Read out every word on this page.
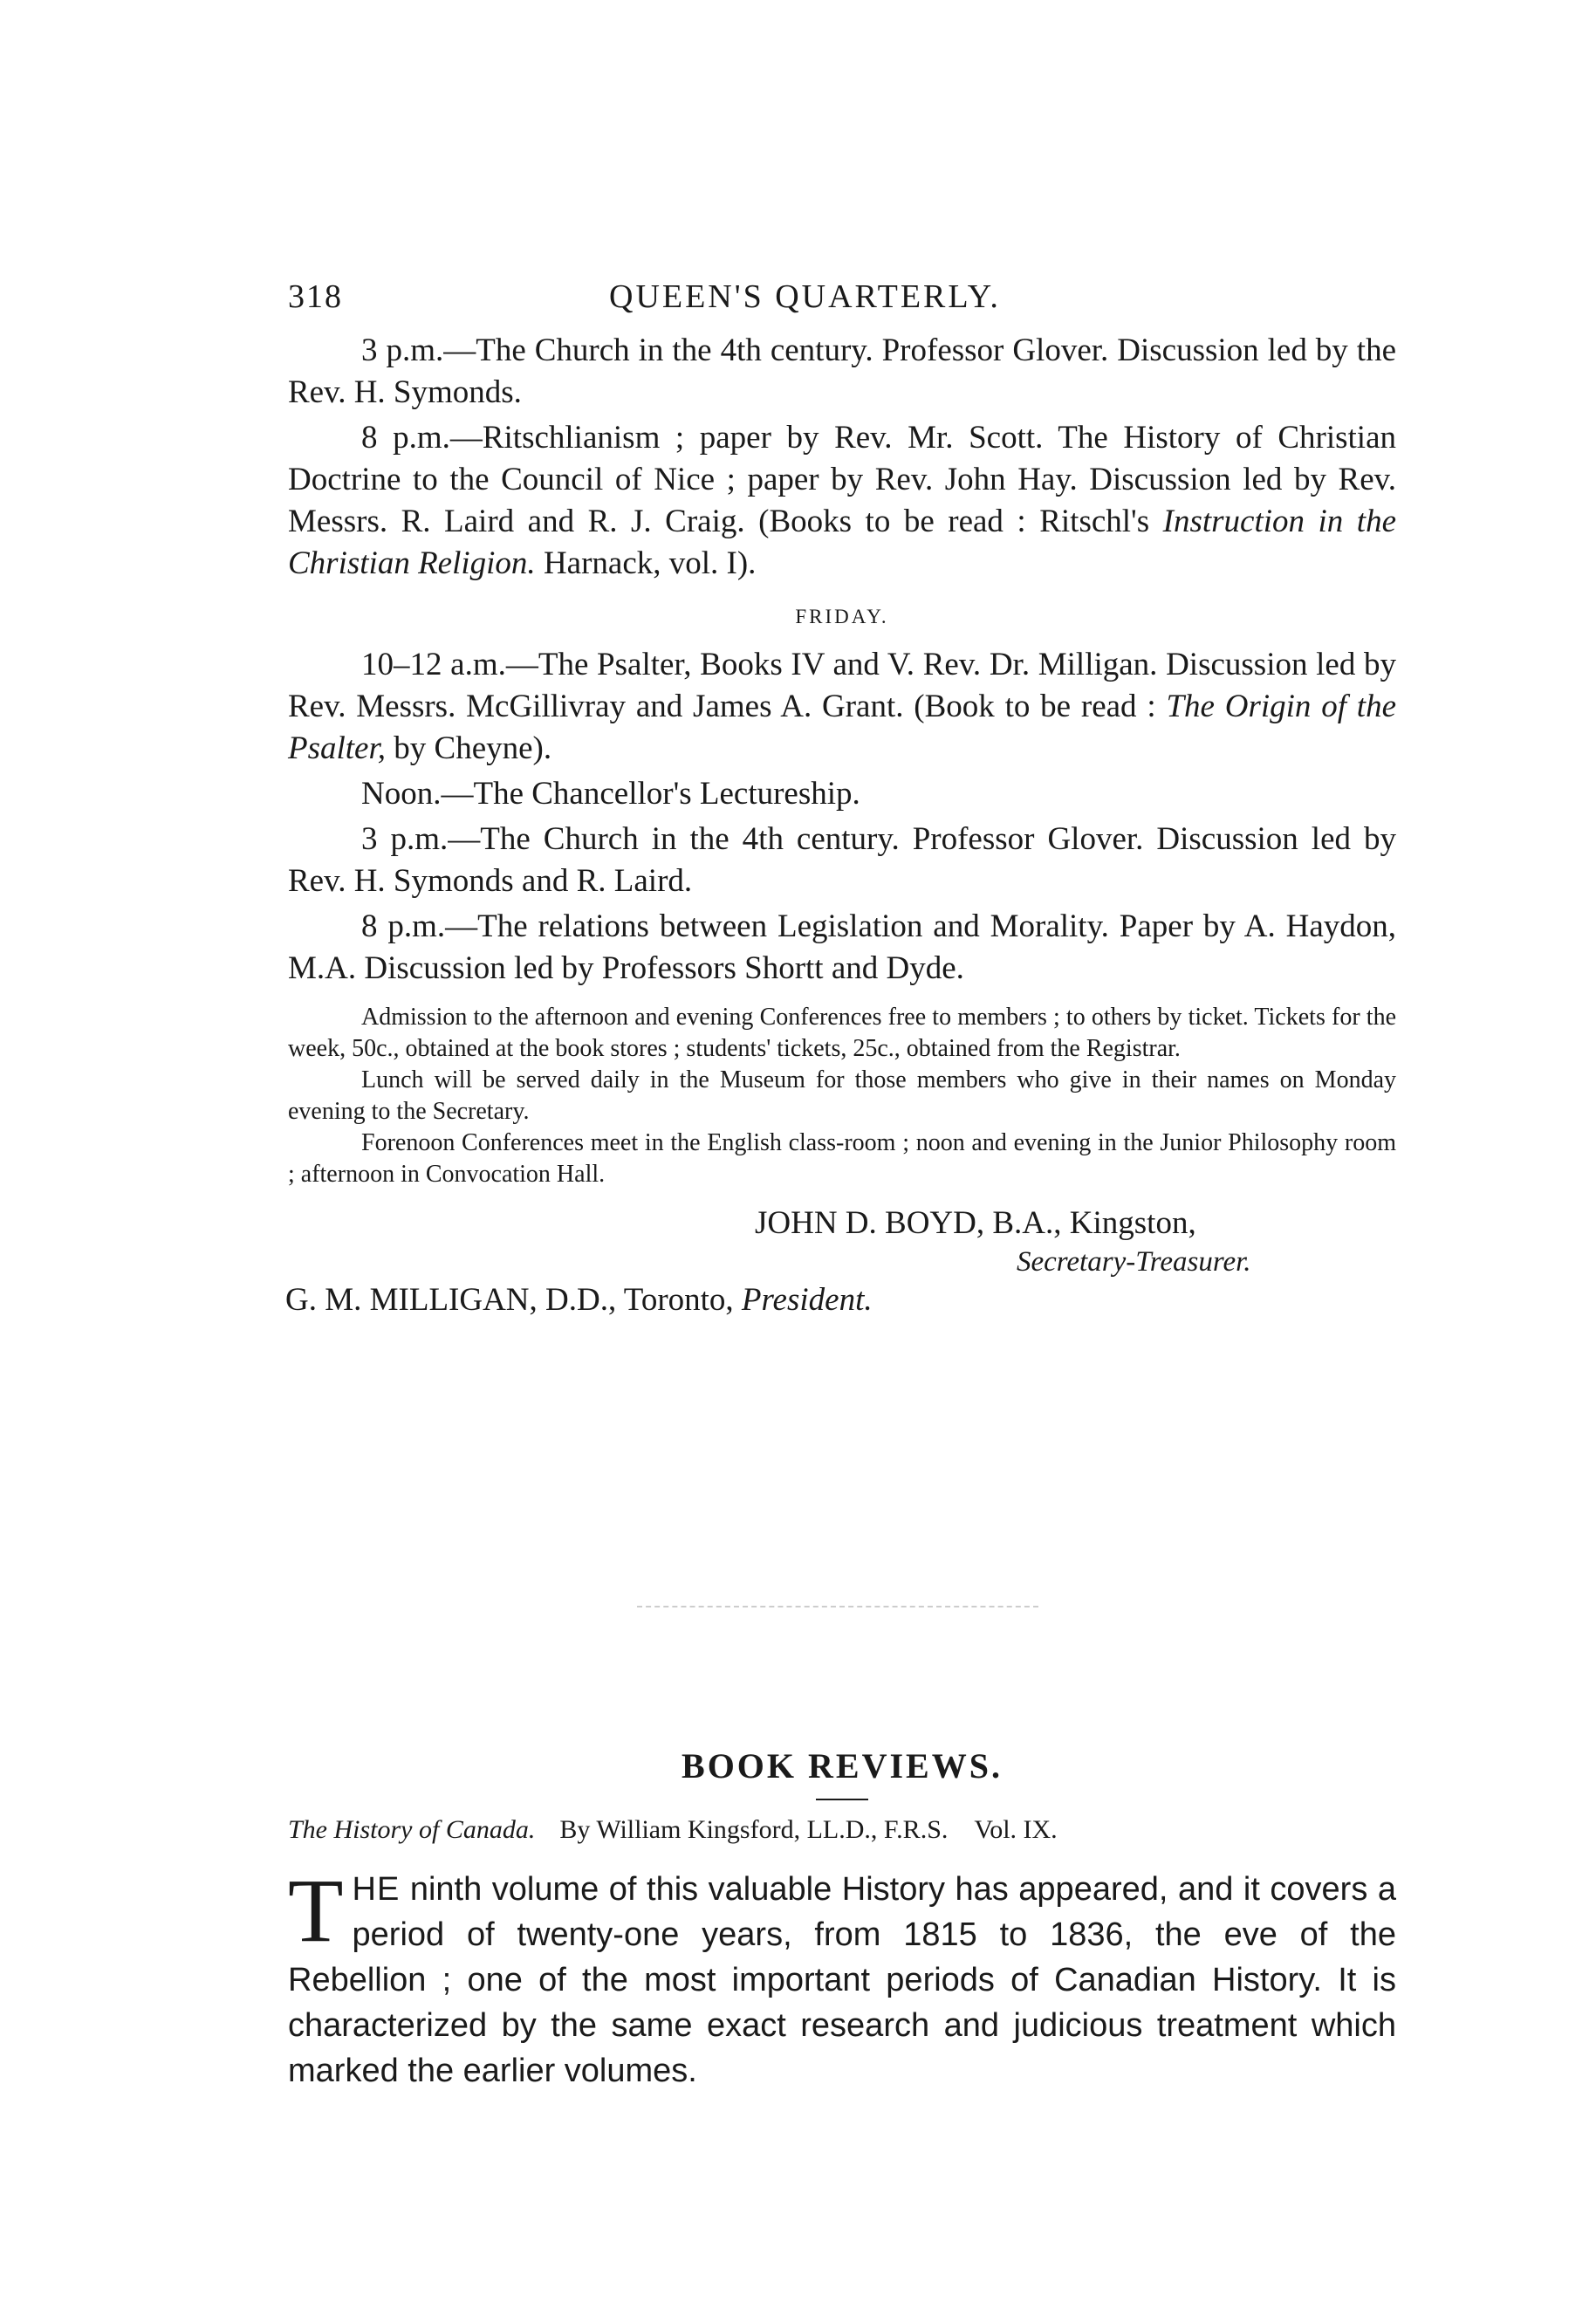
318	QUEEN'S QUARTERLY.

3 p.m.—The Church in the 4th century. Professor Glover. Discussion led by the Rev. H. Symonds.

8 p.m.—Ritschlianism ; paper by Rev. Mr. Scott. The History of Christian Doctrine to the Council of Nice ; paper by Rev. John Hay. Discussion led by Rev. Messrs. R. Laird and R. J. Craig. (Books to be read : Ritschl's Instruction in the Christian Religion. Harnack, vol. I).

FRIDAY.

10–12 a.m.—The Psalter, Books IV and V. Rev. Dr. Milligan. Discussion led by Rev. Messrs. McGillivray and James A. Grant. (Book to be read : The Origin of the Psalter, by Cheyne).

Noon.—The Chancellor's Lectureship.

3 p.m.—The Church in the 4th century. Professor Glover. Discussion led by Rev. H. Symonds and R. Laird.

8 p.m.—The relations between Legislation and Morality. Paper by A. Haydon, M.A. Discussion led by Professors Shortt and Dyde.

Admission to the afternoon and evening Conferences free to members ; to others by ticket. Tickets for the week, 50c., obtained at the book stores ; students' tickets, 25c., obtained from the Registrar.

Lunch will be served daily in the Museum for those members who give in their names on Monday evening to the Secretary.

Forenoon Conferences meet in the English class-room ; noon and evening in the Junior Philosophy room ; afternoon in Convocation Hall.

JOHN D. BOYD, B.A., Kingston,
Secretary-Treasurer.
G. M. MILLIGAN, D.D., Toronto, President.
BOOK REVIEWS.

The History of Canada. By William Kingsford, LL.D., F.R.S. Vol. IX.

THE ninth volume of this valuable History has appeared, and it covers a period of twenty-one years, from 1815 to 1836, the eve of the Rebellion ; one of the most important periods of Canadian History. It is characterized by the same exact research and judicious treatment which marked the earlier volumes.
